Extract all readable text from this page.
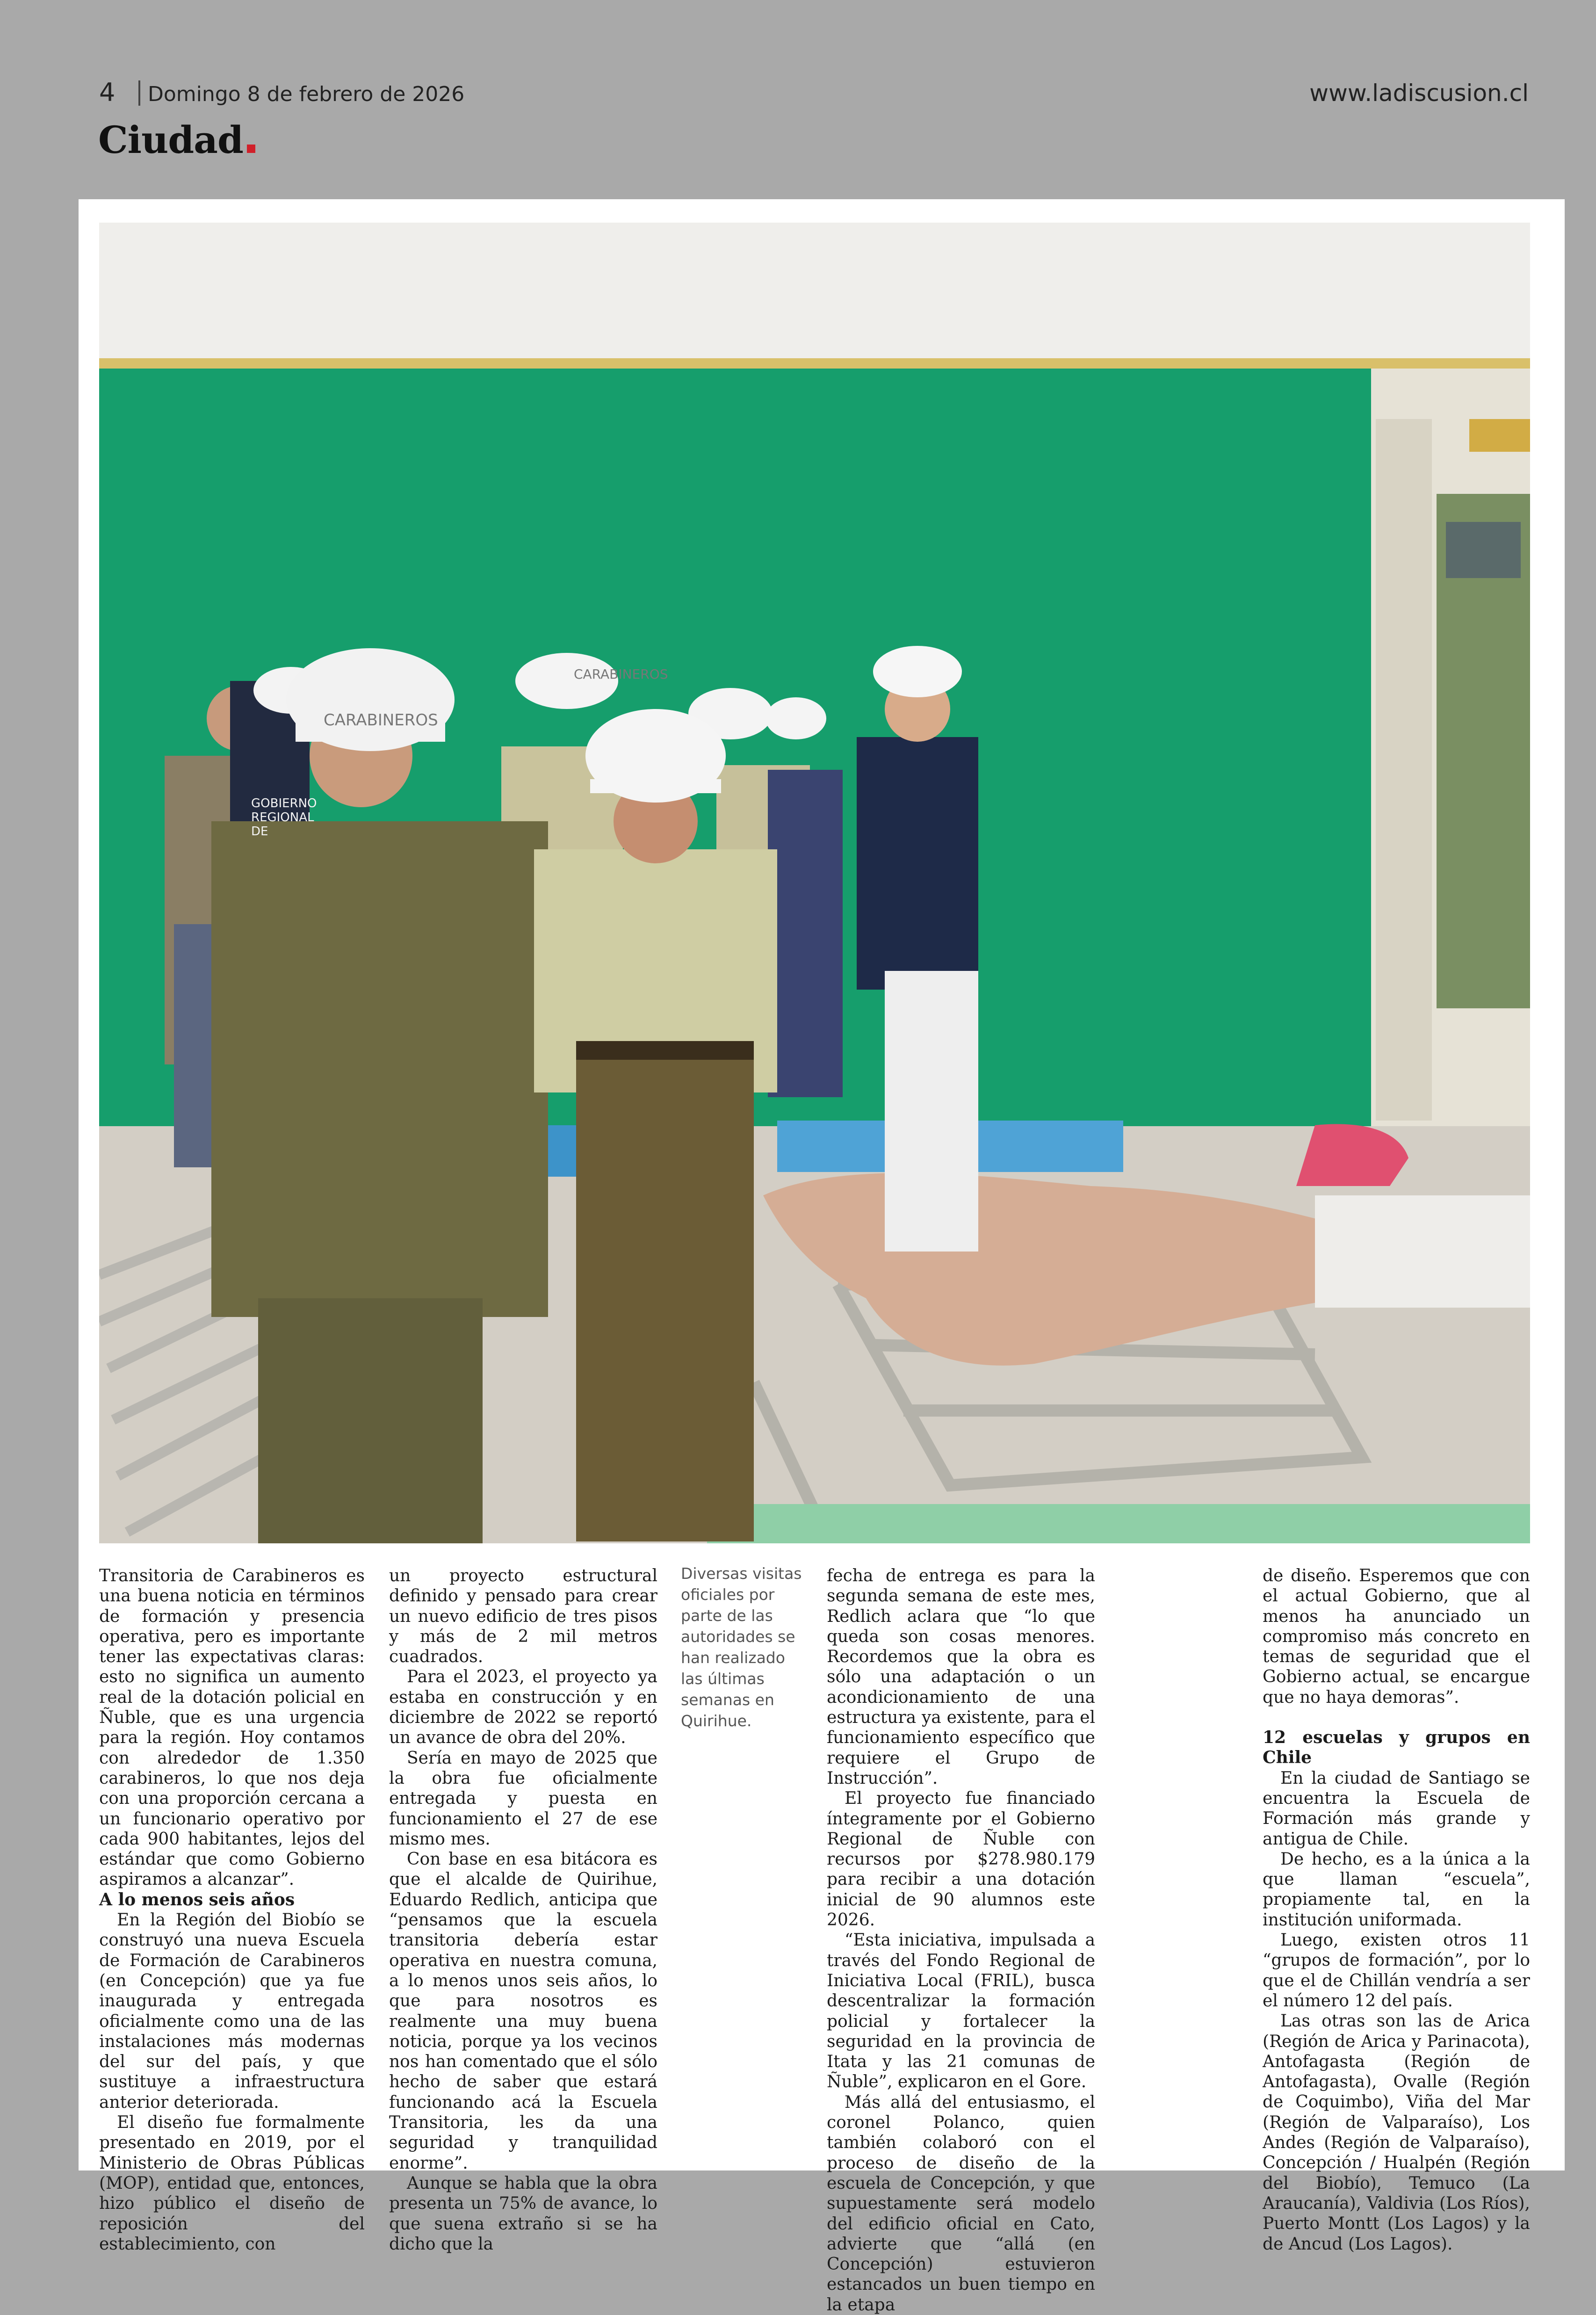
4 Domingo 8 de febrero de 2026	www.ladiscusion.cl
Ciudad
CARABINEROS
GOBIERNO
REGIONAL
DE
CARABINEROS

Transitoria de Carabineros es una buena noticia en términos de formación y presencia operativa, pero es importante tener las expectativas claras: esto no significa un aumento real de la dotación policial en Ñuble, que es una urgencia para la región. Hoy contamos con alrededor de 1.350 carabineros, lo que nos deja con una proporción cercana a un funcionario operativo por cada 900 habitantes, lejos del estándar que como Gobierno aspiramos a alcanzar”.

A lo menos seis años

En la Región del Biobío se construyó una nueva Escuela de Formación de Carabineros (en Concepción) que ya fue inaugurada y entregada oficialmente como una de las instalaciones más modernas del sur del país, y que sustituye a infraestructura anterior deteriorada.

El diseño fue formalmente presentado en 2019, por el Ministerio de Obras Públicas (MOP), entidad que, entonces, hizo público el diseño de reposición del establecimiento, con

un proyecto estructural definido y pensado para crear un nuevo edificio de tres pisos y más de 2 mil metros cuadrados.

Para el 2023, el proyecto ya estaba en construcción y en diciembre de 2022 se reportó un avance de obra del 20%.

Sería en mayo de 2025 que la obra fue oficialmente entregada y puesta en funcionamiento el 27 de ese mismo mes.

Con base en esa bitácora es que el alcalde de Quirihue, Eduardo Redlich, anticipa que “pensamos que la escuela transitoria debería estar operativa en nuestra comuna, a lo menos unos seis años, lo que para nosotros es realmente una muy buena noticia, porque ya los vecinos nos han comentado que el sólo hecho de saber que estará funcionando acá la Escuela Transitoria, les da una seguridad y tranquilidad enorme”.

Aunque se habla que la obra presenta un 75% de avance, lo que suena extraño si se ha dicho que la

Diversas visitas oficiales por parte de las autoridades se han realizado las últimas semanas en Quirihue.

fecha de entrega es para la segunda semana de este mes, Redlich aclara que “lo que queda son cosas menores. Recordemos que la obra es sólo una adaptación o un acondicionamiento de una estructura ya existente, para el funcionamiento específico que requiere el Grupo de Instrucción”.

El proyecto fue financiado íntegramente por el Gobierno Regional de Ñuble con recursos por $278.980.179 para recibir a una dotación inicial de 90 alumnos este 2026.

“Esta iniciativa, impulsada a través del Fondo Regional de Iniciativa Local (FRIL), busca descentralizar la formación policial y fortalecer la seguridad en la provincia de Itata y las 21 comunas de Ñuble”, explicaron en el Gore.

Más allá del entusiasmo, el coronel Polanco, quien también colaboró con el proceso de diseño de la escuela de Concepción, y que supuestamente será modelo del edificio oficial en Cato, advierte que “allá (en Concepción) estuvieron estancados un buen tiempo en la etapa

de diseño. Esperemos que con el actual Gobierno, que al menos ha anunciado un compromiso más concreto en temas de seguridad que el Gobierno actual, se encargue que no haya demoras”.

12 escuelas y grupos en Chile

En la ciudad de Santiago se encuentra la Escuela de Formación más grande y antigua de Chile.

De hecho, es a la única a la que llaman “escuela”, propiamente tal, en la institución uniformada.

Luego, existen otros 11 “grupos de formación”, por lo que el de Chillán vendría a ser el número 12 del país.

Las otras son las de Arica (Región de Arica y Parinacota), Antofagasta (Región de Antofagasta), Ovalle (Región de Coquimbo), Viña del Mar (Región de Valparaíso), Los Andes (Región de Valparaíso), Concepción / Hualpén (Región del Biobío), Temuco (La Araucanía), Valdivia (Los Ríos), Puerto Montt (Los Lagos) y la de Ancud (Los Lagos).
